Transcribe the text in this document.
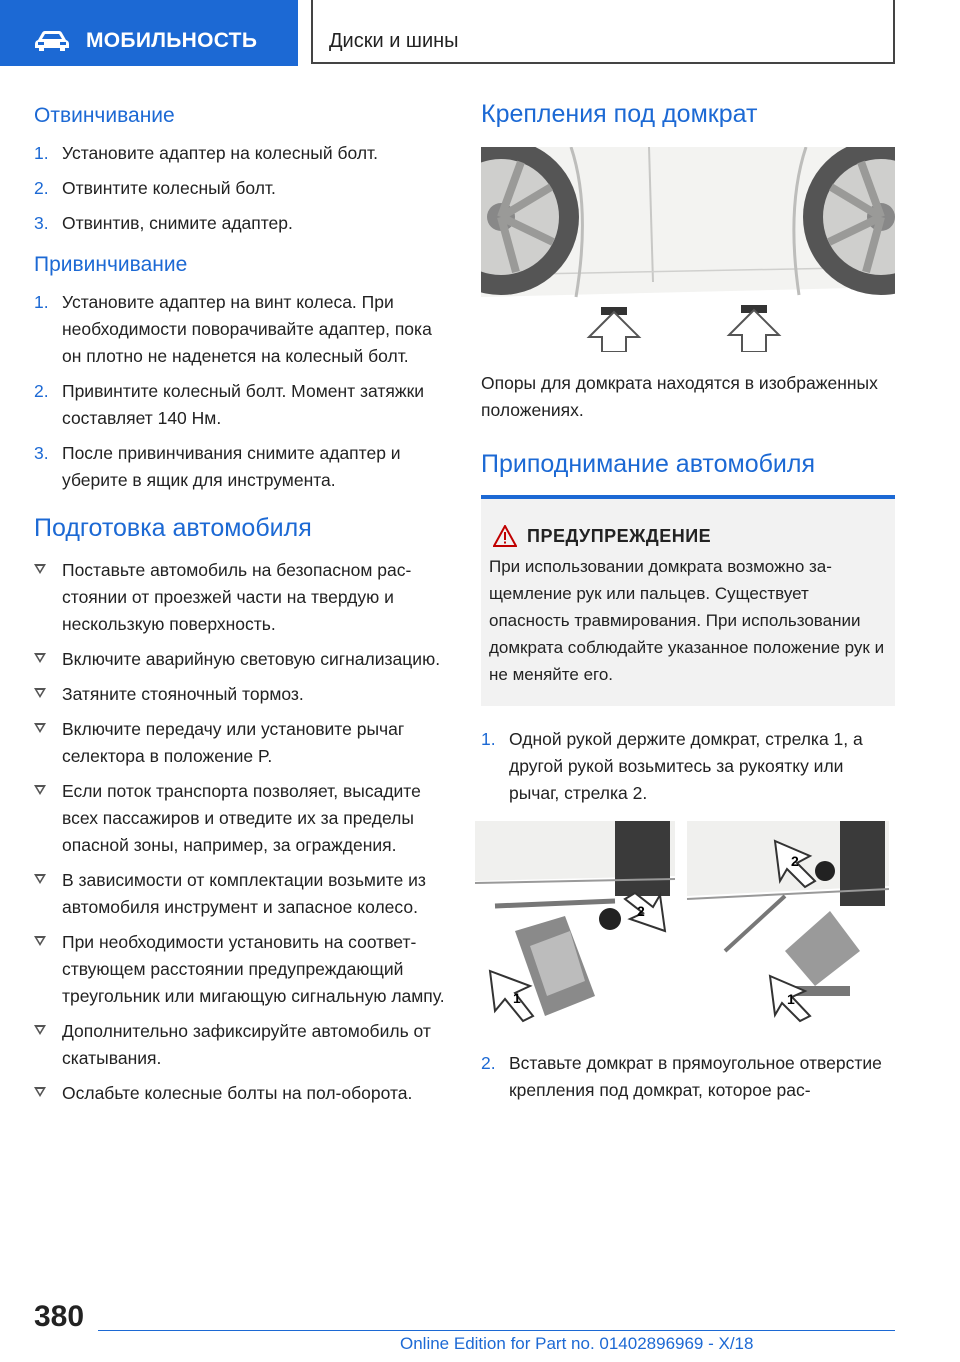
МОБИЛЬНОСТЬ	Диски и шины
Отвинчивание
1. Установите адаптер на колесный болт.
2. Отвинтите колесный болт.
3. Отвинтив, снимите адаптер.
Привинчивание
1. Установите адаптер на винт колеса. При необходимости поворачивайте адаптер, пока он плотно не наденется на колесный болт.
2. Привинтите колесный болт. Момент затяжки составляет 140 Нм.
3. После привинчивания снимите адаптер и уберите в ящик для инструмента.
Подготовка автомобиля
Поставьте автомобиль на безопасном расстоянии от проезжей части на твердую и нескользкую поверхность.
Включите аварийную световую сигнализацию.
Затяните стояночный тормоз.
Включите передачу или установите рычаг селектора в положение P.
Если поток транспорта позволяет, высадите всех пассажиров и отведите их за пределы опасной зоны, например, за ограждения.
В зависимости от комплектации возьмите из автомобиля инструмент и запасное колесо.
При необходимости установить на соответствующем расстоянии предупреждающий треугольник или мигающую сигнальную лампу.
Дополнительно зафиксируйте автомобиль от скатывания.
Ослабьте колесные болты на пол-оборота.
Крепления под домкрат

Опоры для домкрата находятся в изображенных положениях.

Приподнимание автомобиля
ПРЕДУПРЕЖДЕНИЕ

При использовании домкрата возможно защемление рук или пальцев. Существует опасность травмирования. При использовании домкрата соблюдайте указанное положение рук и не меняйте его.

1. Одной рукой держите домкрат, стрелка 1, а другой рукой возьмитесь за рукоятку или рычаг, стрелка 2.
1
2
2
1
2. Вставьте домкрат в прямоугольное отверстие крепления под домкрат, которое рас-
380
Online Edition for Part no. 01402896969 - X/18
